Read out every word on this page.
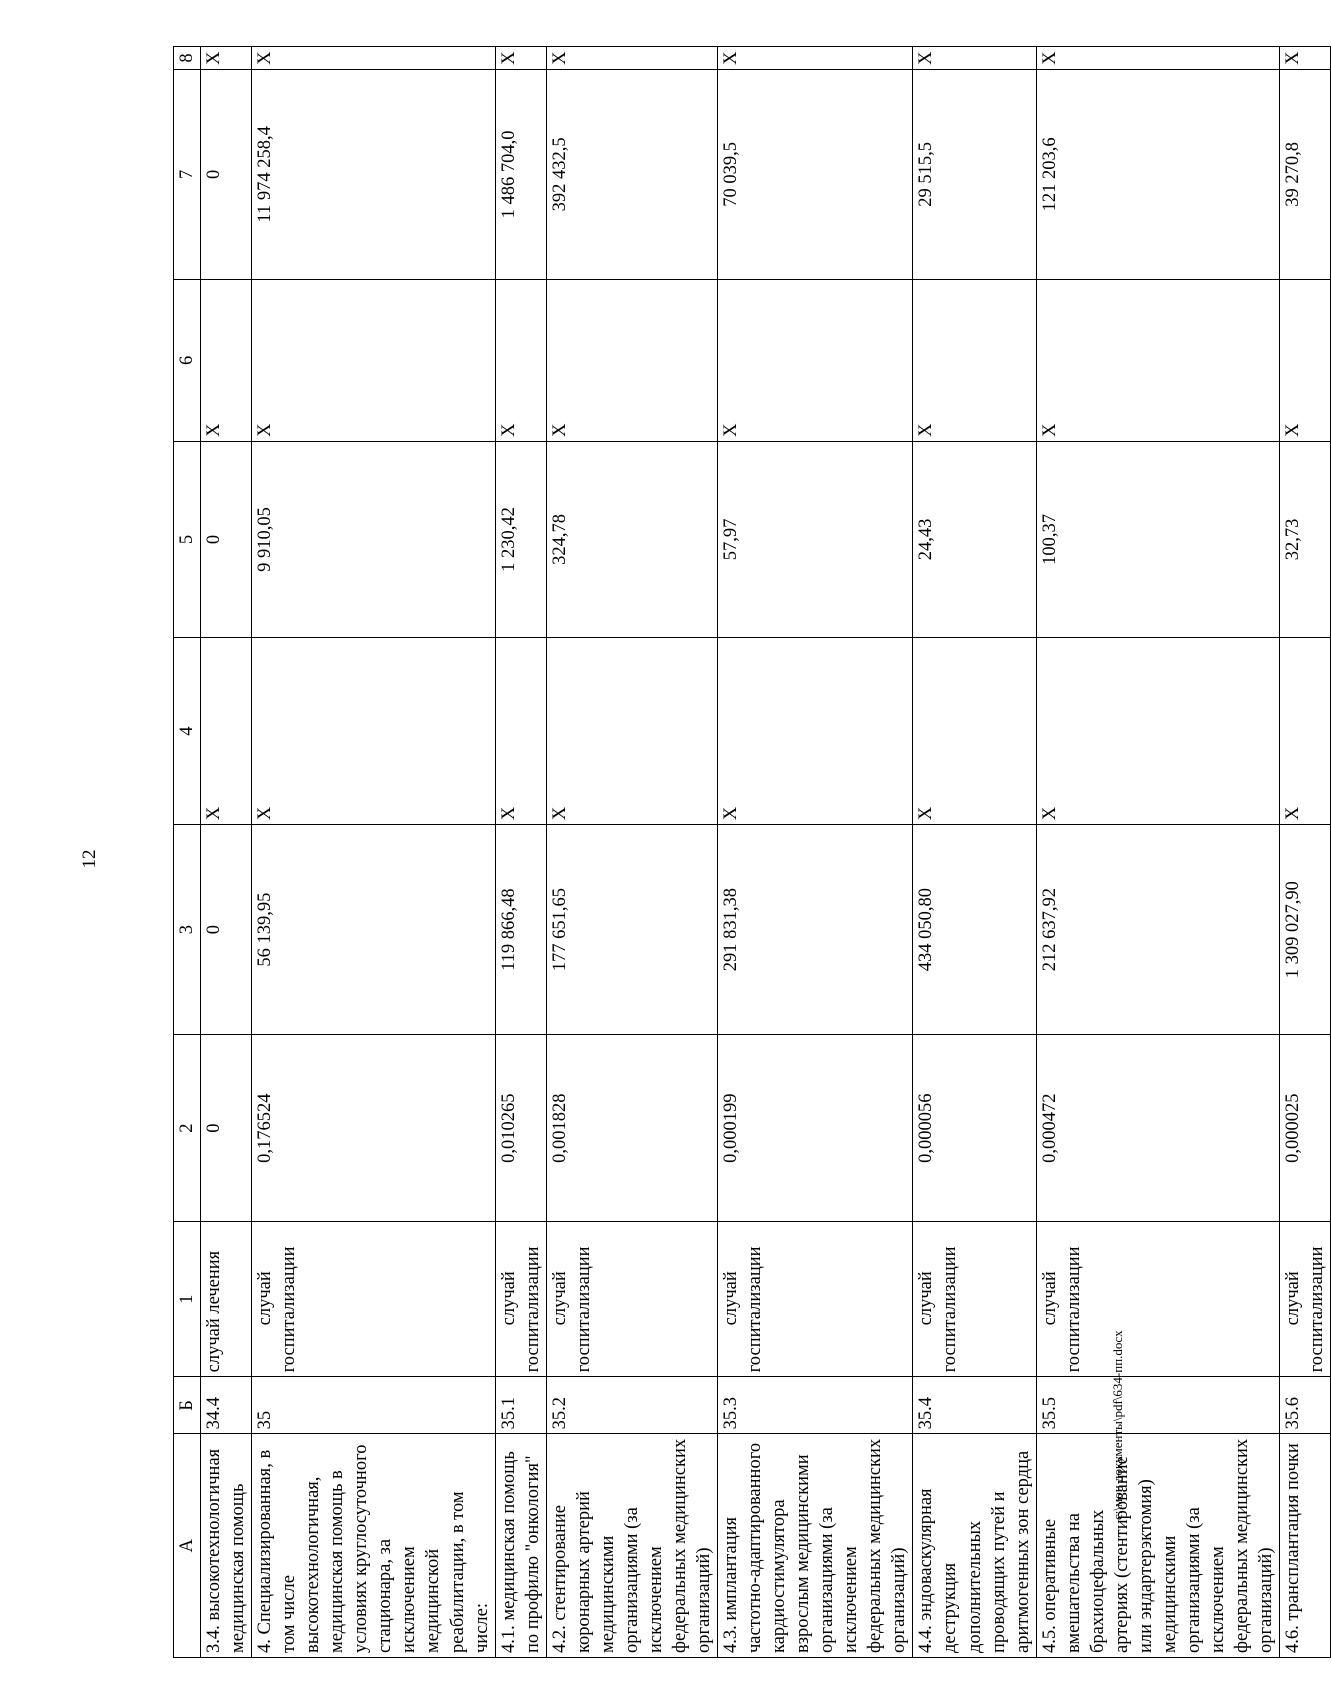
12
А	Б	1	2	3	4	5	6	7	8
3.4. высокотехнологичная медицинская помощь	34.4	случай лечения	0	0	X	0	X	0	X
4. Специализированная, в том числе высокотехнологичная, медицинская помощь в условиях круглосуточного стационара, за исключением медицинской реабилитации, в том числе:	35	случай госпитализации	0,176524	56 139,95	X	9 910,05	X	11 974 258,4	X
4.1. медицинская помощь по профилю "онкология"	35.1	случай госпитализации	0,010265	119 866,48	X	1 230,42	X	1 486 704,0	X
4.2. стентирование коронарных артерий медицинскими организациями (за исключением федеральных медицинских организаций)	35.2	случай госпитализации	0,001828	177 651,65	X	324,78	X	392 432,5	X
4.3. имплантация частотно-адаптированного кардиостимулятора взрослым медицинскими организациями (за исключением федеральных медицинских организаций)	35.3	случай госпитализации	0,000199	291 831,38	X	57,97	X	70 039,5	X
4.4. эндоваскулярная деструкция дополнительных проводящих путей и аритмогенных зон сердца	35.4	случай госпитализации	0,000056	434 050,80	X	24,43	X	29 515,5	X
4.5. оперативные вмешательства на брахиоцефальных артериях (стентирование или эндартерэктомия) медицинскими организациями (за исключением федеральных медицинских организаций)	35.5	случай госпитализации	0,000472	212 637,92	X	100,37	X	121 203,6	X
4.6. трансплантация почки	35.6	случай госпитализации	0,000025	1 309 027,90	X	32,73	X	39 270,8	X
c:\мои документы\pdf\634-пп.docx
